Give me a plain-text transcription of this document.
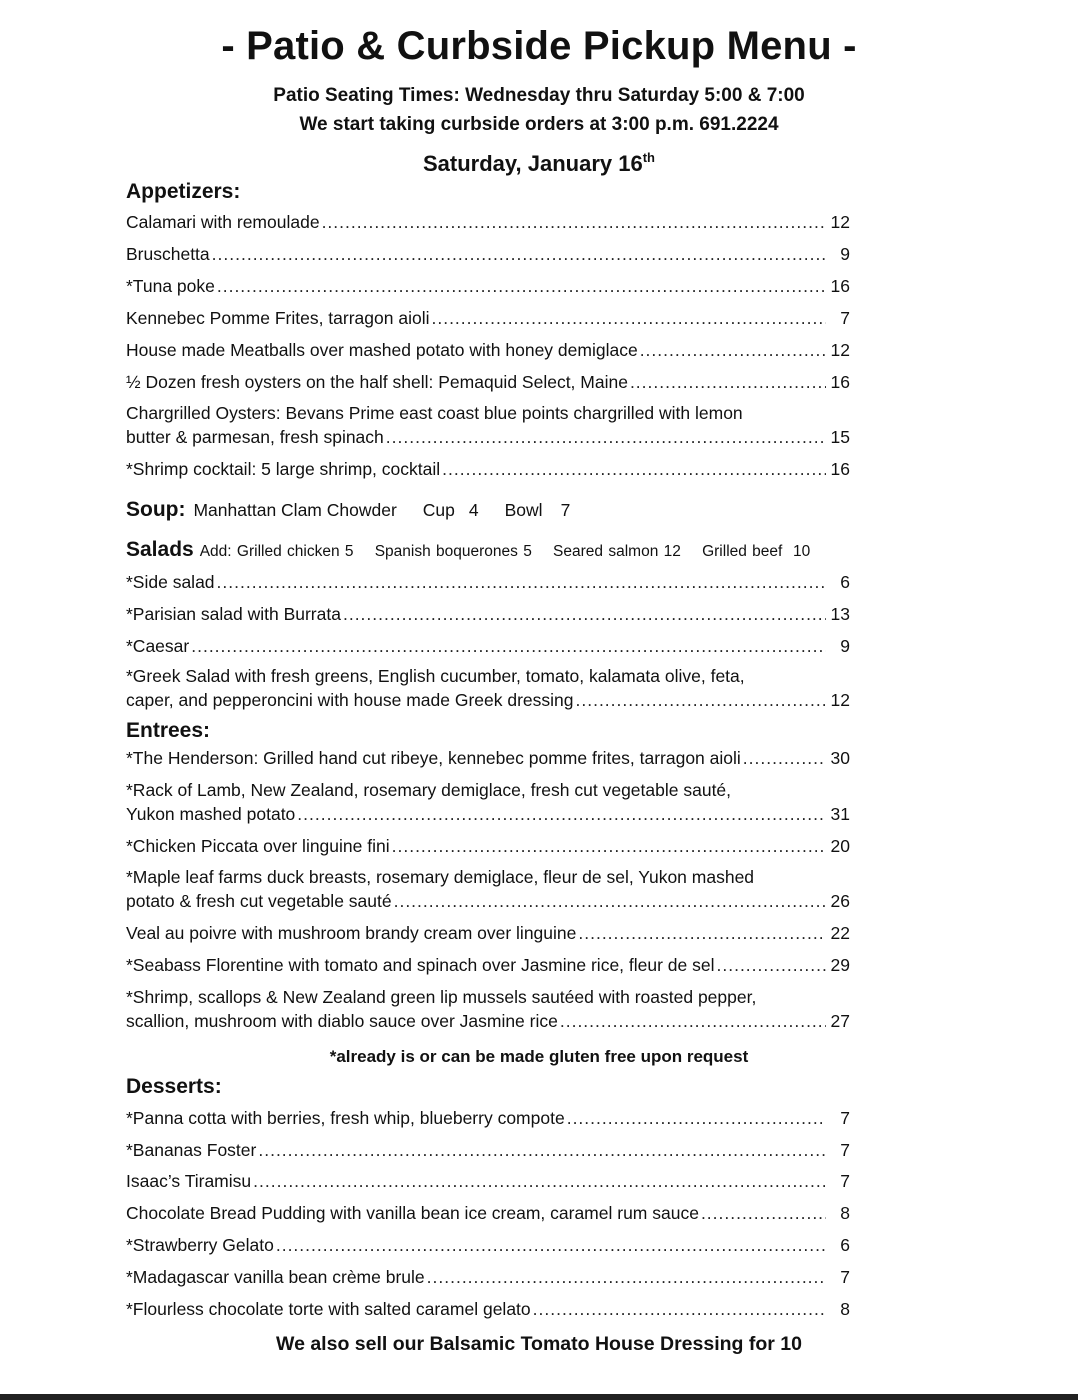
- Patio & Curbside Pickup Menu -
Patio Seating Times: Wednesday thru Saturday 5:00 & 7:00
We start taking curbside orders at 3:00 p.m. 691.2224
Saturday, January 16th
Appetizers:
Calamari with remoulade .....	12
Bruschetta .....	9
*Tuna poke .....	16
Kennebec Pomme Frites, tarragon aioli .....	7
House made Meatballs over mashed potato with honey demiglace .....	12
½ Dozen fresh oysters on the half shell: Pemaquid Select, Maine .....	16
Chargrilled Oysters: Bevans Prime east coast blue points chargrilled with lemon
butter & parmesan, fresh spinach .....	15
*Shrimp cocktail: 5 large shrimp, cocktail .....	16
Soup: Manhattan Clam Chowder Cup 4 Bowl 7
Salads Add: Grilled chicken 5    Spanish boquerones 5    Seared salmon 12    Grilled beef  10
*Side salad .....	6
*Parisian salad with Burrata .....	13
*Caesar .....	9
*Greek Salad with fresh greens, English cucumber, tomato, kalamata olive, feta,
caper, and pepperoncini with house made Greek dressing .....	12
Entrees:
*The Henderson: Grilled hand cut ribeye, kennebec pomme frites, tarragon aioli .....	30
*Rack of Lamb, New Zealand, rosemary demiglace, fresh cut vegetable sauté,
Yukon mashed potato .....	31
*Chicken Piccata over linguine fini .....	20
*Maple leaf farms duck breasts, rosemary demiglace, fleur de sel, Yukon mashed
potato & fresh cut vegetable sauté .....	26
Veal au poivre with mushroom brandy cream over linguine .....	22
*Seabass Florentine with tomato and spinach over Jasmine rice, fleur de sel .....	29
*Shrimp, scallops & New Zealand green lip mussels sautéed with roasted pepper,
scallion, mushroom with diablo sauce over Jasmine rice .....	27
*already is or can be made gluten free upon request
Desserts:
*Panna cotta with berries, fresh whip, blueberry compote .....	7
*Bananas Foster .....	7
Isaac’s Tiramisu .....	7
Chocolate Bread Pudding with vanilla bean ice cream, caramel rum sauce .....	8
*Strawberry Gelato .....	6
*Madagascar vanilla bean crème brule .....	7
*Flourless chocolate torte with salted caramel gelato .....	8
We also sell our Balsamic Tomato House Dressing for 10
